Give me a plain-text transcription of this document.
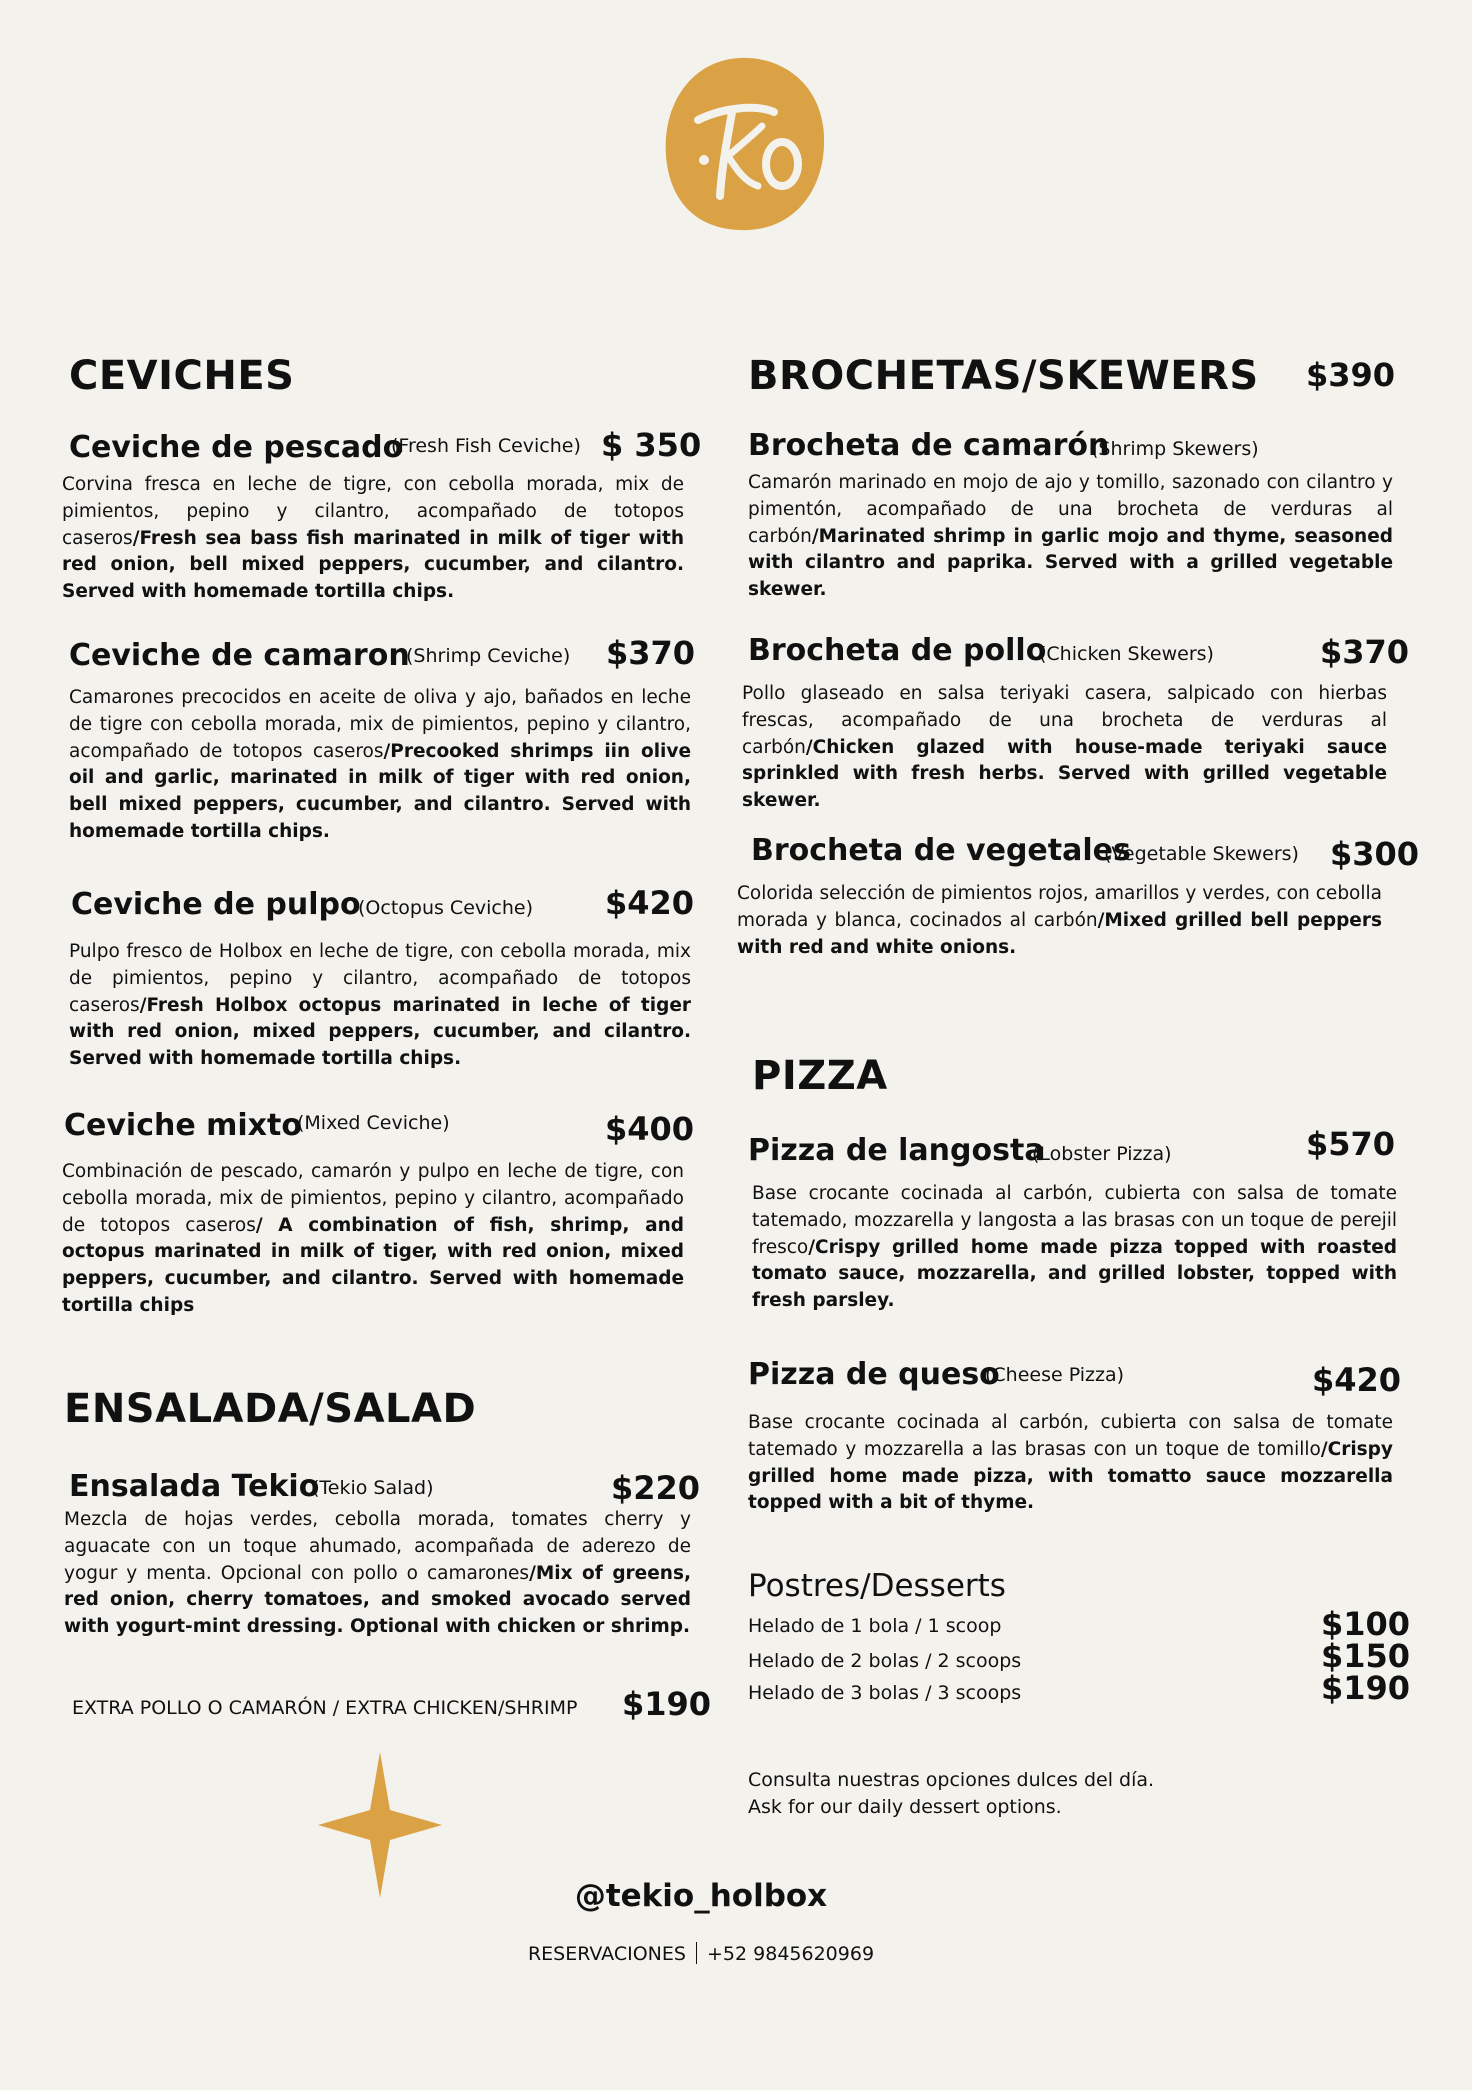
CEVICHES
Ceviche de pescado
(Fresh Fish Ceviche) $ 350

Corvina fresca en leche de tigre, con cebolla morada, mix de pimientos, pepino y cilantro, acompañado de totopos caseros/Fresh sea bass fish marinated in milk of tiger with red onion, bell mixed peppers, cucumber, and cilantro. Served with homemade tortilla chips.

Ceviche de camaron
(Shrimp Ceviche) $370

Camarones precocidos en aceite de oliva y ajo, bañados en leche de tigre con cebolla morada, mix de pimientos, pepino y cilantro, acompañado de totopos caseros/Precooked shrimps iin olive oil and garlic, marinated in milk of tiger with red onion, bell mixed peppers, cucumber, and cilantro. Served with homemade tortilla chips.

Ceviche de pulpo
(Octopus Ceviche) $420

Pulpo fresco de Holbox en leche de tigre, con cebolla morada, mix de pimientos, pepino y cilantro, acompañado de totopos caseros/Fresh Holbox octopus marinated in leche of tiger with red onion, mixed peppers, cucumber, and cilantro. Served with homemade tortilla chips.

Ceviche mixto
(Mixed Ceviche)	$400

Combinación de pescado, camarón y pulpo en leche de tigre, con cebolla morada, mix de pimientos, pepino y cilantro, acompañado de totopos caseros/ A combination of fish, shrimp, and octopus marinated in milk of tiger, with red onion, mixed peppers, cucumber, and cilantro. Served with homemade tortilla chips

ENSALADA/SALAD
Ensalada Tekio
(Tekio Salad)	$220

Mezcla de hojas verdes, cebolla morada, tomates cherry y aguacate con un toque ahumado, acompañada de aderezo de yogur y menta. Opcional con pollo o camarones/Mix of greens, red onion, cherry tomatoes, and smoked avocado served with yogurt-mint dressing. Optional with chicken or shrimp.

EXTRA POLLO O CAMARÓN / EXTRA CHICKEN/SHRIMP $190
BROCHETAS/SKEWERS $390
Brocheta de camarón
(Shrimp Skewers)

Camarón marinado en mojo de ajo y tomillo, sazonado con cilantro y pimentón, acompañado de una brocheta de verduras al carbón/Marinated shrimp in garlic mojo and thyme, seasoned with cilantro and paprika. Served with a grilled vegetable skewer.

Brocheta de pollo
(Chicken Skewers)	$370

Pollo glaseado en salsa teriyaki casera, salpicado con hierbas frescas, acompañado de una brocheta de verduras al carbón/Chicken glazed with house-made teriyaki sauce sprinkled with fresh herbs. Served with grilled vegetable skewer.

Brocheta de vegetales
(Vegetable Skewers) $300

Colorida selección de pimientos rojos, amarillos y verdes, con cebolla morada y blanca, cocinados al carbón/Mixed grilled bell peppers with red and white onions.

PIZZA
Pizza de langosta
(Lobster Pizza)	$570

Base crocante cocinada al carbón, cubierta con salsa de tomate tatemado, mozzarella y langosta a las brasas con un toque de perejil fresco/Crispy grilled home made pizza topped with roasted tomato sauce, mozzarella, and grilled lobster, topped with fresh parsley.

Pizza de queso
(Cheese Pizza)	$420

Base crocante cocinada al carbón, cubierta con salsa de tomate tatemado y mozzarella a las brasas con un toque de tomillo/Crispy grilled home made pizza, with tomatto sauce mozzarella topped with a bit of thyme.

Postres/Desserts
Helado de 1 bola / 1 scoop	$100
Helado de 2 bolas / 2 scoops	$150
Helado de 3 bolas / 3 scoops	$190
Consulta nuestras opciones dulces del día.
Ask for our daily dessert options.
@tekio_holbox
RESERVACIONES +52 9845620969
